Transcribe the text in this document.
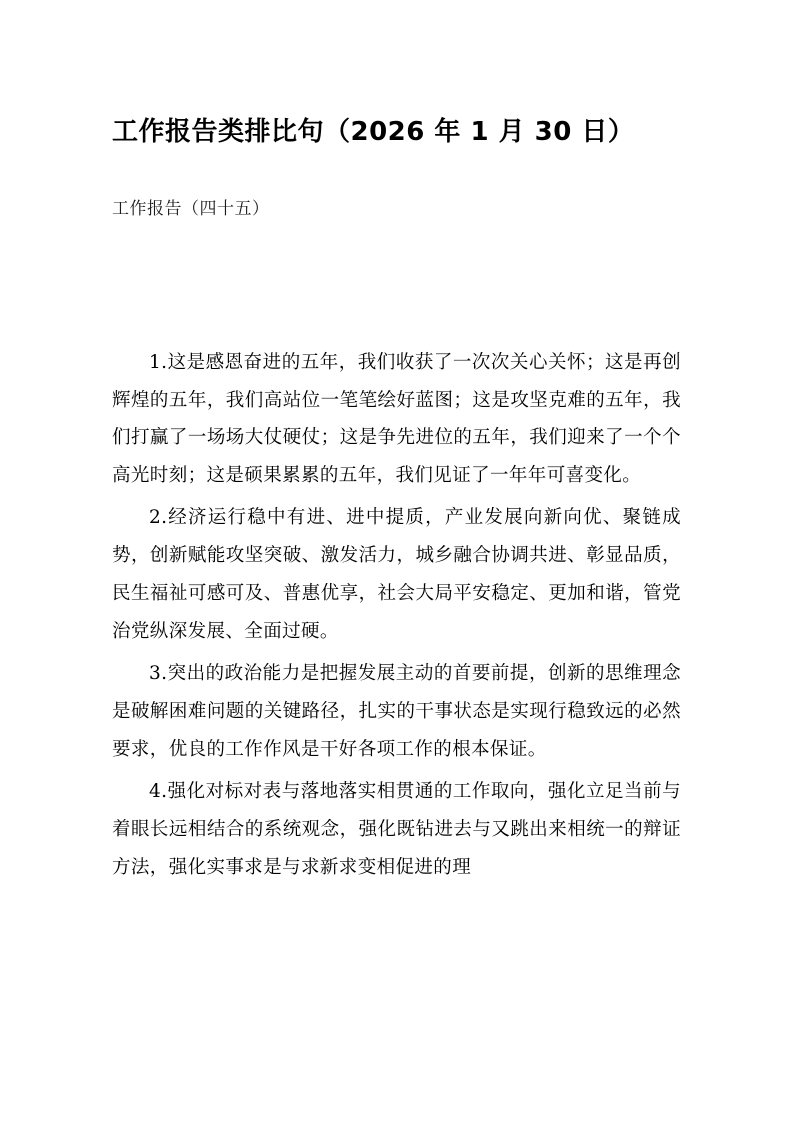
工作报告类排比句（2026 年 1 月 30 日）
工作报告（四十五）

1.这是感恩奋进的五年，我们收获了一次次关心关怀；这是再创辉煌的五年，我们高站位一笔笔绘好蓝图；这是攻坚克难的五年，我们打赢了一场场大仗硬仗；这是争先进位的五年，我们迎来了一个个高光时刻；这是硕果累累的五年，我们见证了一年年可喜变化。

2.经济运行稳中有进、进中提质，产业发展向新向优、聚链成势，创新赋能攻坚突破、激发活力，城乡融合协调共进、彰显品质，民生福祉可感可及、普惠优享，社会大局平安稳定、更加和谐，管党治党纵深发展、全面过硬。

3.突出的政治能力是把握发展主动的首要前提，创新的思维理念是破解困难问题的关键路径，扎实的干事状态是实现行稳致远的必然要求，优良的工作作风是干好各项工作的根本保证。

4.强化对标对表与落地落实相贯通的工作取向，强化立足当前与着眼长远相结合的系统观念，强化既钻进去与又跳出来相统一的辩证方法，强化实事求是与求新求变相促进的理
